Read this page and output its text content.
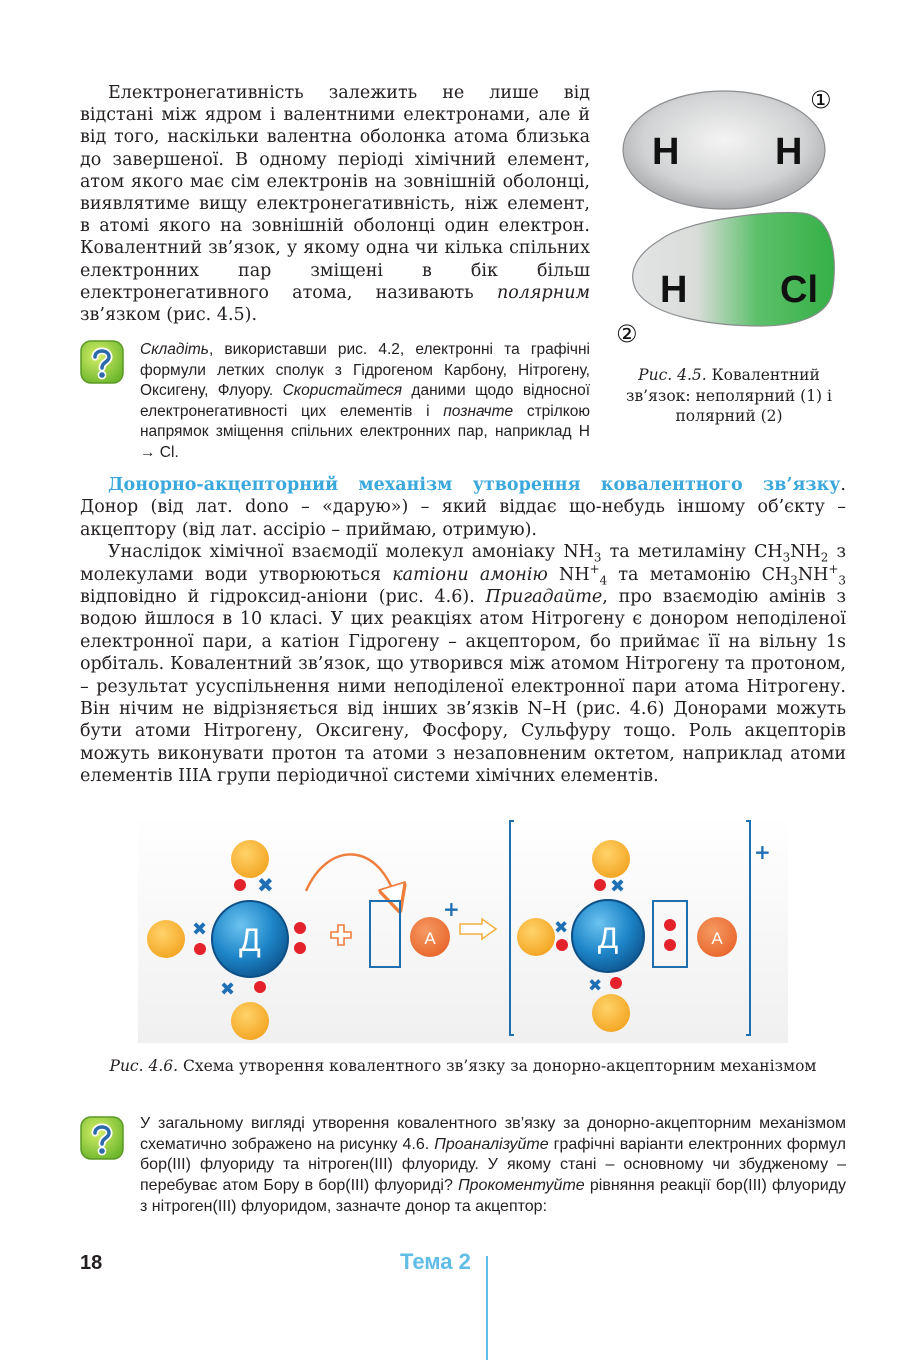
Електронегативність залежить не лише від відстані між ядром і валентними електронами, але й від того, наскільки валентна оболонка атома близька до завершеної. В одному періоді хімічний елемент, атом якого має сім електронів на зовнішній оболонці, виявлятиме вищу електронегативність, ніж елемент, в атомі якого на зовнішній оболонці один електрон. Ковалентний зв’язок, у якому одна чи кілька спільних електронних пар зміщені в бік більш електронегативного атома, називають полярним зв’язком (рис. 4.5).
Складіть, використавши рис. 4.2, електронні та графічні формули летких сполук з Гідрогеном Карбону, Нітрогену, Оксигену, Флуору. Скористайтеся даними щодо відносної електронегативності цих елементів і позначте стрілкою напрямок зміщення спільних електронних пар, наприклад H → Cl.
H	H
①
H Cl
②
Рис. 4.5. Ковалентний зв’язок: неполярний (1) і полярний (2)

Донорно-акцепторний механізм утворення ковалентного зв’язку. Донор (від лат. dono – «дарую») – який віддає що-небудь іншому об’єкту – акцептору (від лат. accipio – приймаю, отримую).

Унаслідок хімічної взаємодії молекул амоніаку $NH_3$ та метиламіну $CH_3NH_2$ з молекулами води утворюються катіони амонію $NH^+_4$ та метамонію $CH_3NH^+_3$ відповідно й гідроксид-аніони (рис. 4.6). Пригадайте, про взаємодію амінів з водою йшлося в 10 класі. У цих реакціях атом Нітрогену є донором неподіленої електронної пари, а катіон Гідрогену – акцептором, бо приймає її на вільну 1s орбіталь. Ковалентний зв’язок, що утворився між атомом Нітрогену та протоном, – результат усуспільнення ними неподіленої електронної пари атома Нітрогену. Він нічим не відрізняється від інших зв’язків N–H (рис. 4.6) Донорами можуть бути атоми Нітрогену, Оксигену, Фосфору, Сульфуру тощо. Роль акцепторів можуть виконувати протон та атоми з незаповненим октетом, наприклад атоми елементів IIIA групи періодичної системи хімічних елементів.

✖
✖
✖
Д	A
+
+
✖
✖
✖
Д	A
Рис. 4.6. Схема утворення ковалентного зв’язку за донорно-акцепторним механізмом
У загальному вигляді утворення ковалентного зв’язку за донорно-акцепторним механізмом схематично зображено на рисунку 4.6. Проаналізуйте графічні варіанти електронних формул бор(III) флуориду та нітроген(III) флуориду. У якому стані – основному чи збудженому – перебуває атом Бору в бор(III) флуориді? Прокоментуйте рівняння реакції бор(III) флуориду з нітроген(III) флуоридом, зазначте донор та акцептор:
18	Тема 2
